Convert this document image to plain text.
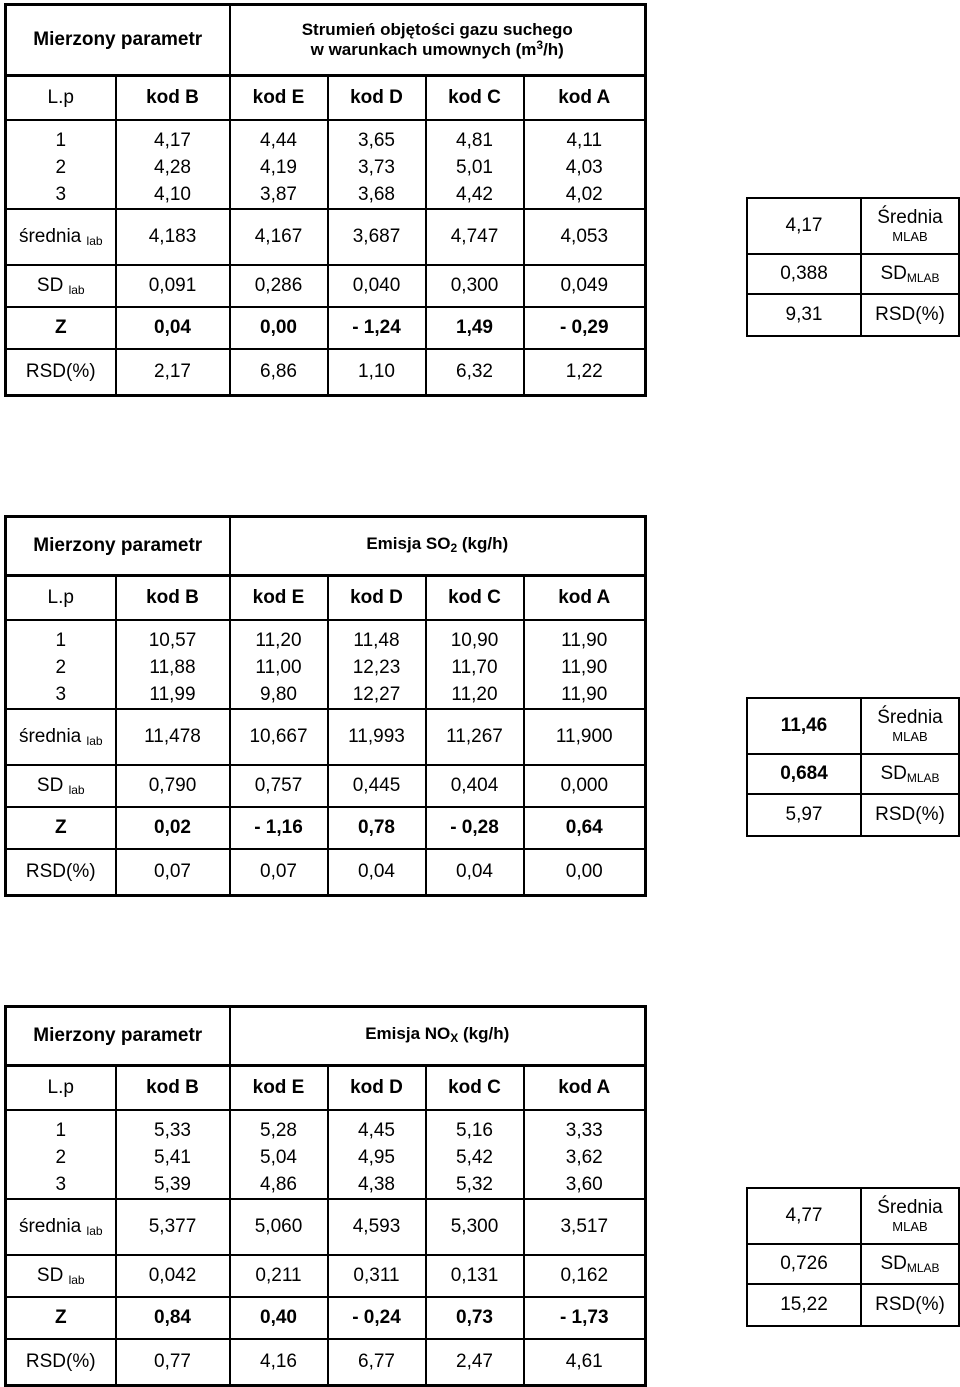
Mierzony parametr		Strumień objętości gazu suchego
w warunkach umownych $(m^3/h)$			
L.p	kod B	kod E	kod D	kod C	kod A
1	4,17	4,44	3,65	4,81	4,11
2	4,28	4,19	3,73	5,01	4,03
3	4,10	3,87	3,68	4,42	4,02
średnia $_{lab}$	4,183	4,167	3,687	4,747	4,053
SD $_{lab}$	0,091	0,286	0,040	0,300	0,049
Z	0,04	0,00	- 1,24	1,49	- 0,29
RSD(%)	2,17	6,86	1,10	6,32	1,22
4,17	Średnia
MLAB

0,388	$SD_{MLAB}$
9,31	RSD(%)
Mierzony parametr		Emisja $SO_2$ (kg/h)			
L.p	kod B	kod E	kod D	kod C	kod A
1	10,57	11,20	11,48	10,90	11,90
2	11,88	11,00	12,23	11,70	11,90
3	11,99	9,80	12,27	11,20	11,90
średnia $_{lab}$	11,478	10,667	11,993	11,267	11,900
SD $_{lab}$	0,790	0,757	0,445	0,404	0,000
Z	0,02	- 1,16	0,78	- 0,28	0,64
RSD(%)	0,07	0,07	0,04	0,04	0,00
11,46	Średnia
MLAB

0,684	$SD_{MLAB}$
5,97	RSD(%)
Mierzony parametr		Emisja $NO_X$ (kg/h)			
L.p	kod B	kod E	kod D	kod C	kod A
1	5,33	5,28	4,45	5,16	3,33
2	5,41	5,04	4,95	5,42	3,62
3	5,39	4,86	4,38	5,32	3,60
średnia $_{lab}$	5,377	5,060	4,593	5,300	3,517
SD $_{lab}$	0,042	0,211	0,311	0,131	0,162
Z	0,84	0,40	- 0,24	0,73	- 1,73
RSD(%)	0,77	4,16	6,77	2,47	4,61
4,77	Średnia
MLAB

0,726	$SD_{MLAB}$
15,22	RSD(%)
